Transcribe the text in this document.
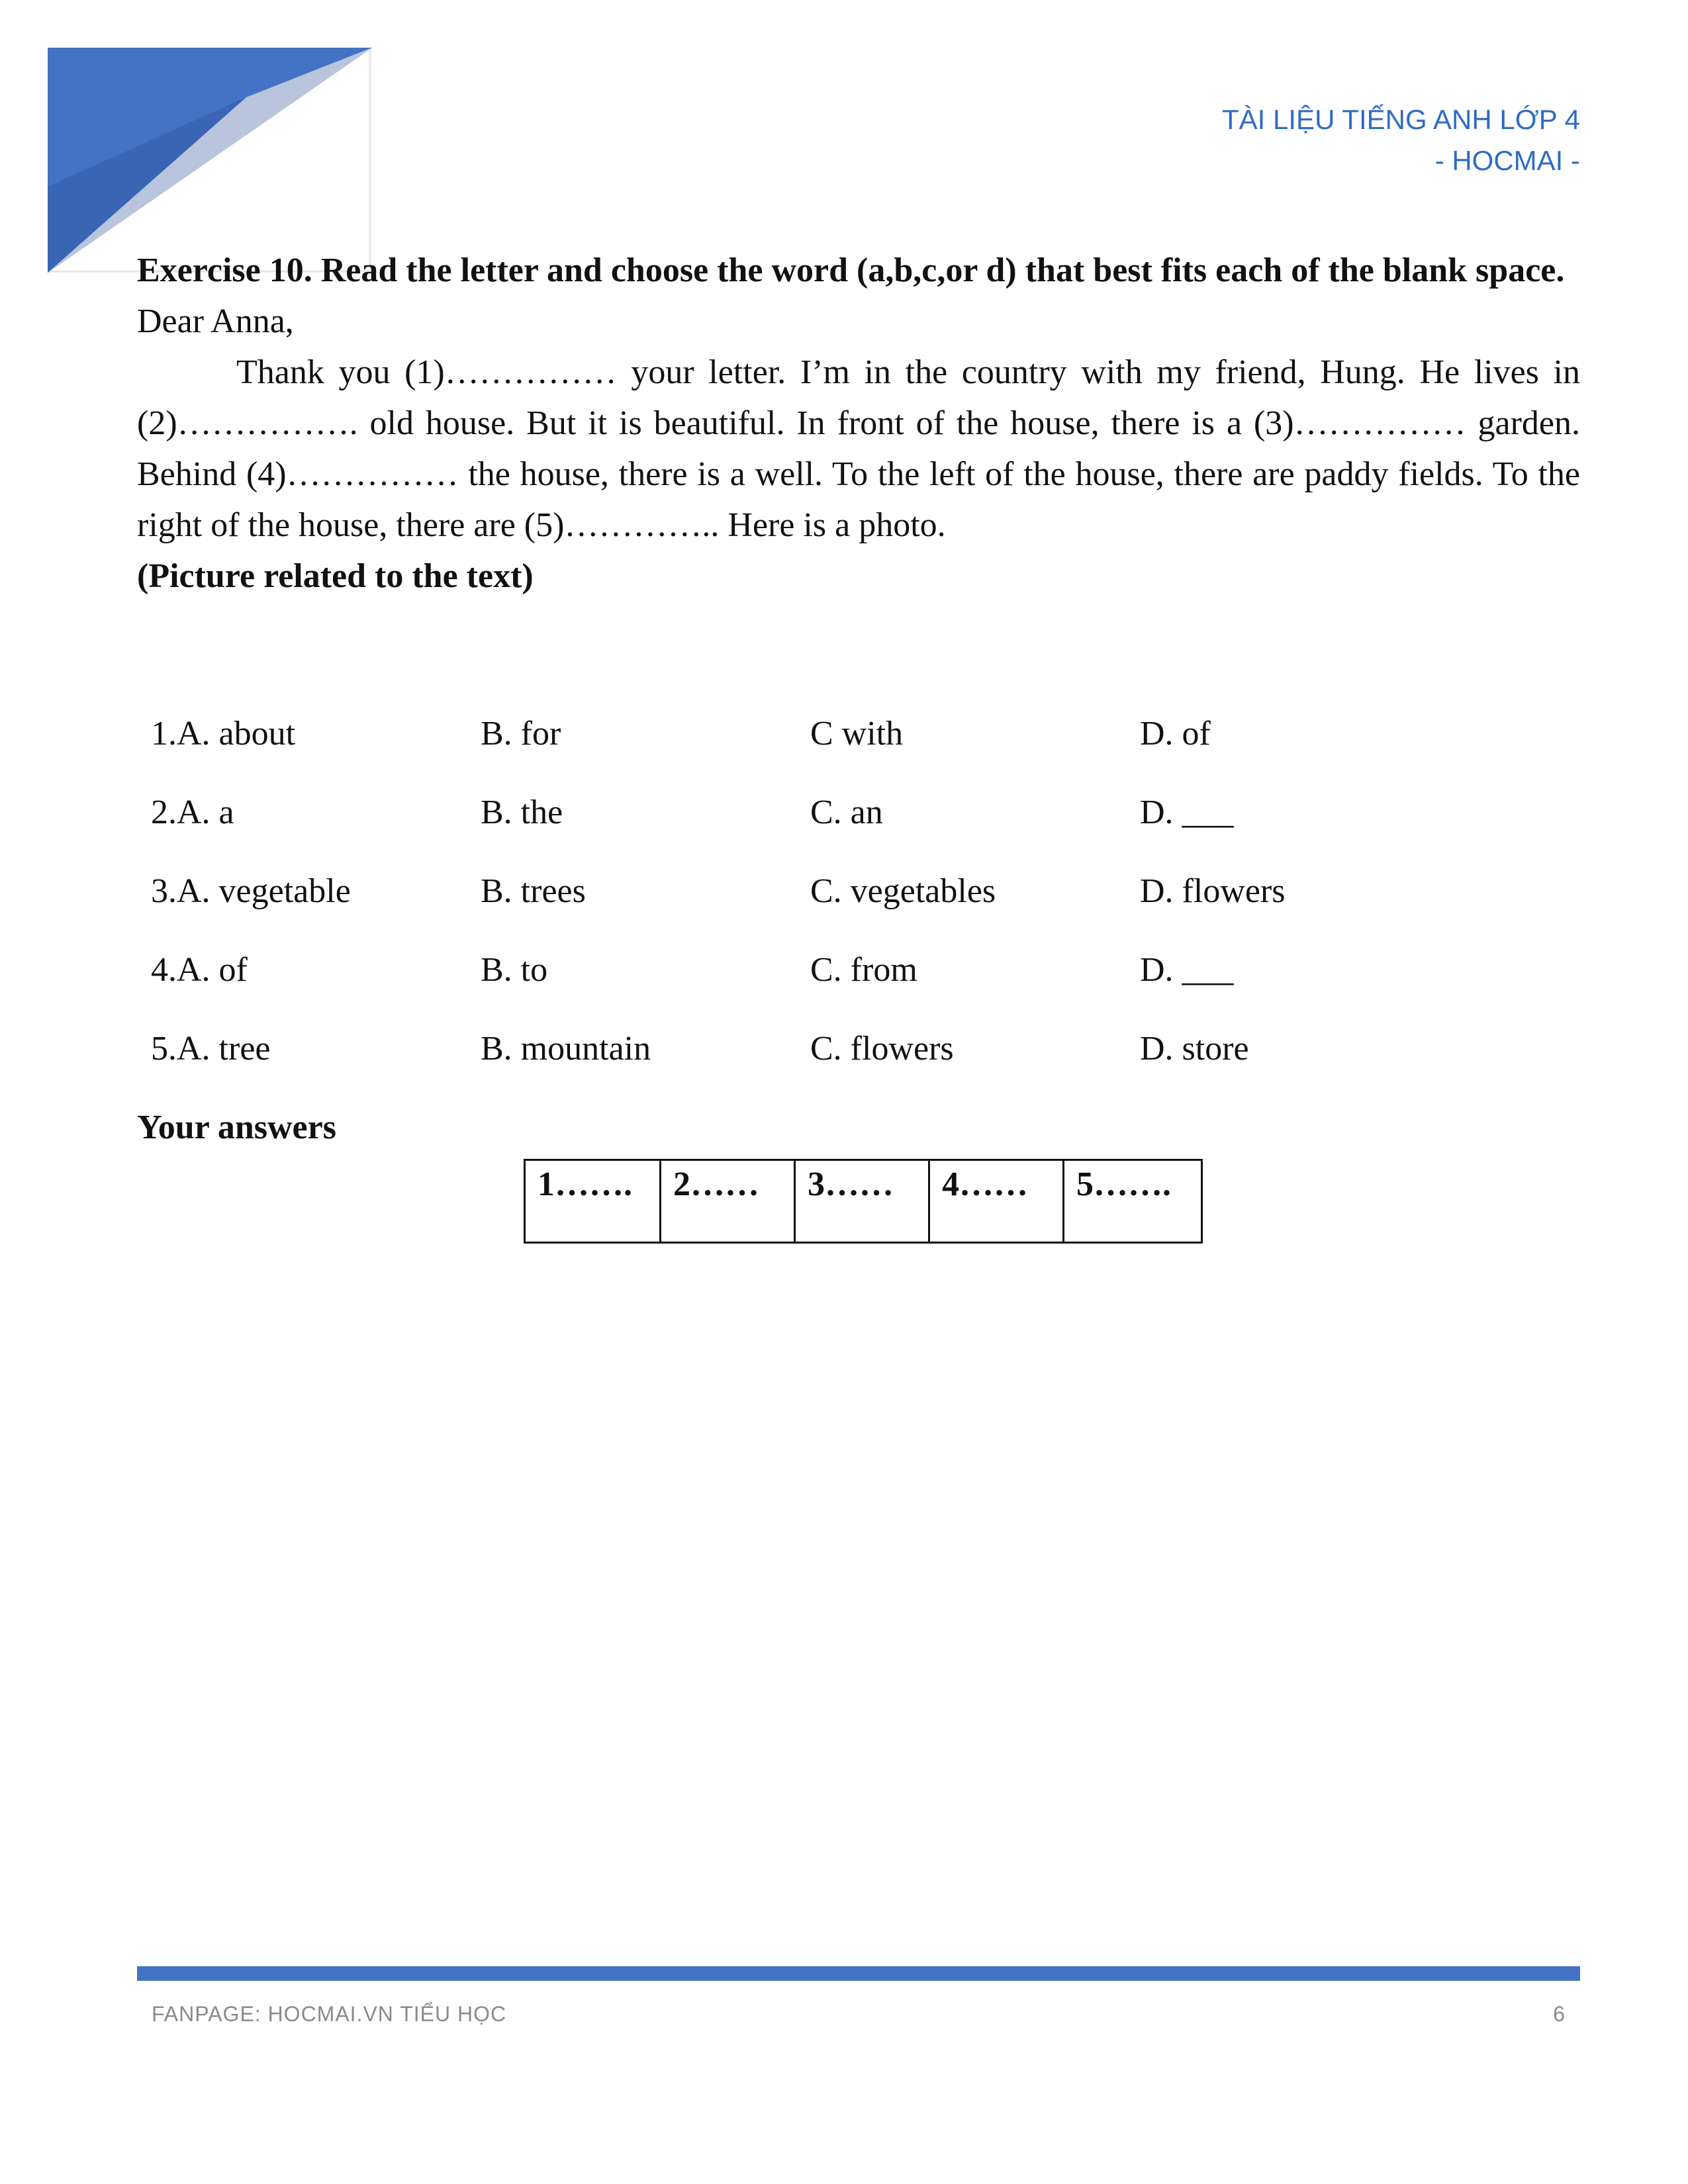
TÀI LIỆU TIẾNG ANH LỚP 4
- HOCMAI -

Exercise 10. Read the letter and choose the word (a,b,c,or d) that best fits each of the blank space.

Dear Anna,

Thank you (1)…………… your letter. I’m in the country with my friend, Hung. He lives in (2)……………. old house. But it is beautiful. In front of the house, there is a (3)…………… garden. Behind (4)…………… the house, there is a well. To the left of the house, there are paddy fields. To the right of the house, there are (5)………….. Here is a photo.

(Picture related to the text)

1.A. about	B. for	C with	D. of
2.A. a	B. the	C. an	D. ___
3.A. vegetable	B. trees	C. vegetables	D. flowers
4.A. of	B. to	C. from	D. ___
5.A. tree	B. mountain	C. flowers	D. store
Your answers
1…….	2……	3……	4……	5…….
FANPAGE: HOCMAI.VN TIỂU HỌC	6
